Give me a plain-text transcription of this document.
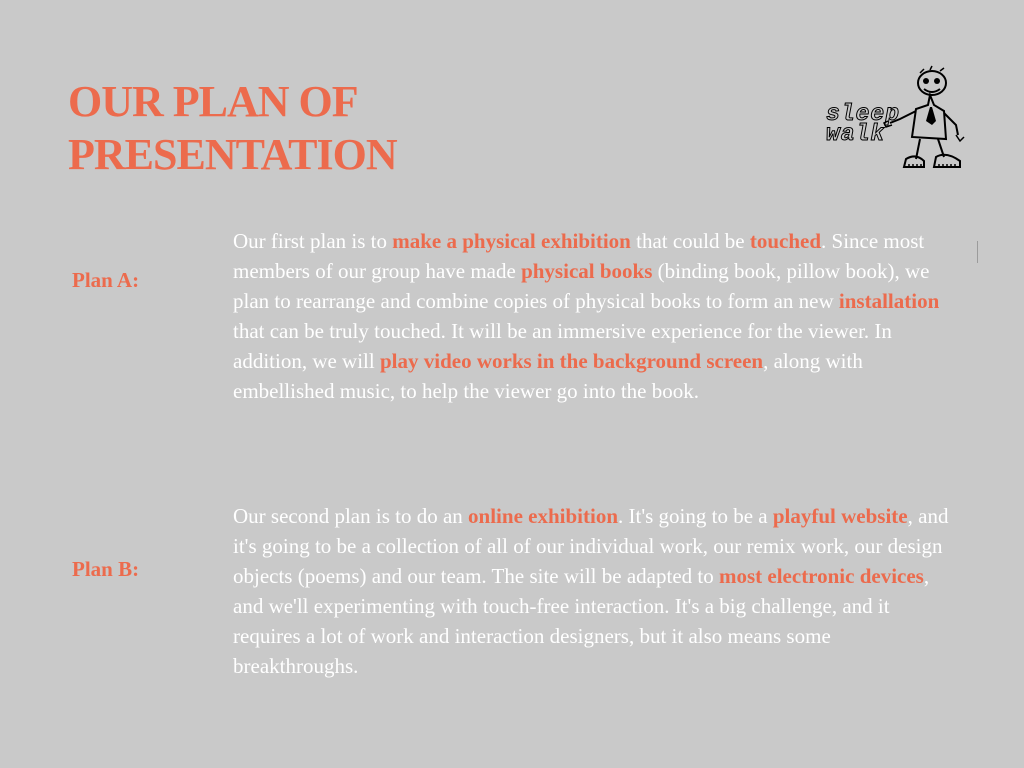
OUR PLAN OF
PRESENTATION
sleep
walk
Plan A:

Our first plan is to make a physical exhibition that could be touched. Since most members of our group have made physical books (binding book, pillow book), we plan to rearrange and combine copies of physical books to form an new installation that can be truly touched. It will be an immersive experience for the viewer. In addition, we will play video works in the background screen, along with embellished music, to help the viewer go into the book.

Plan B:

Our second plan is to do an online exhibition. It's going to be a playful website, and it's going to be a collection of all of our individual work, our remix work, our design objects (poems) and our team. The site will be adapted to most electronic devices, and we'll experimenting with touch-free interaction. It's a big challenge, and it requires a lot of work and interaction designers, but it also means some breakthroughs.
